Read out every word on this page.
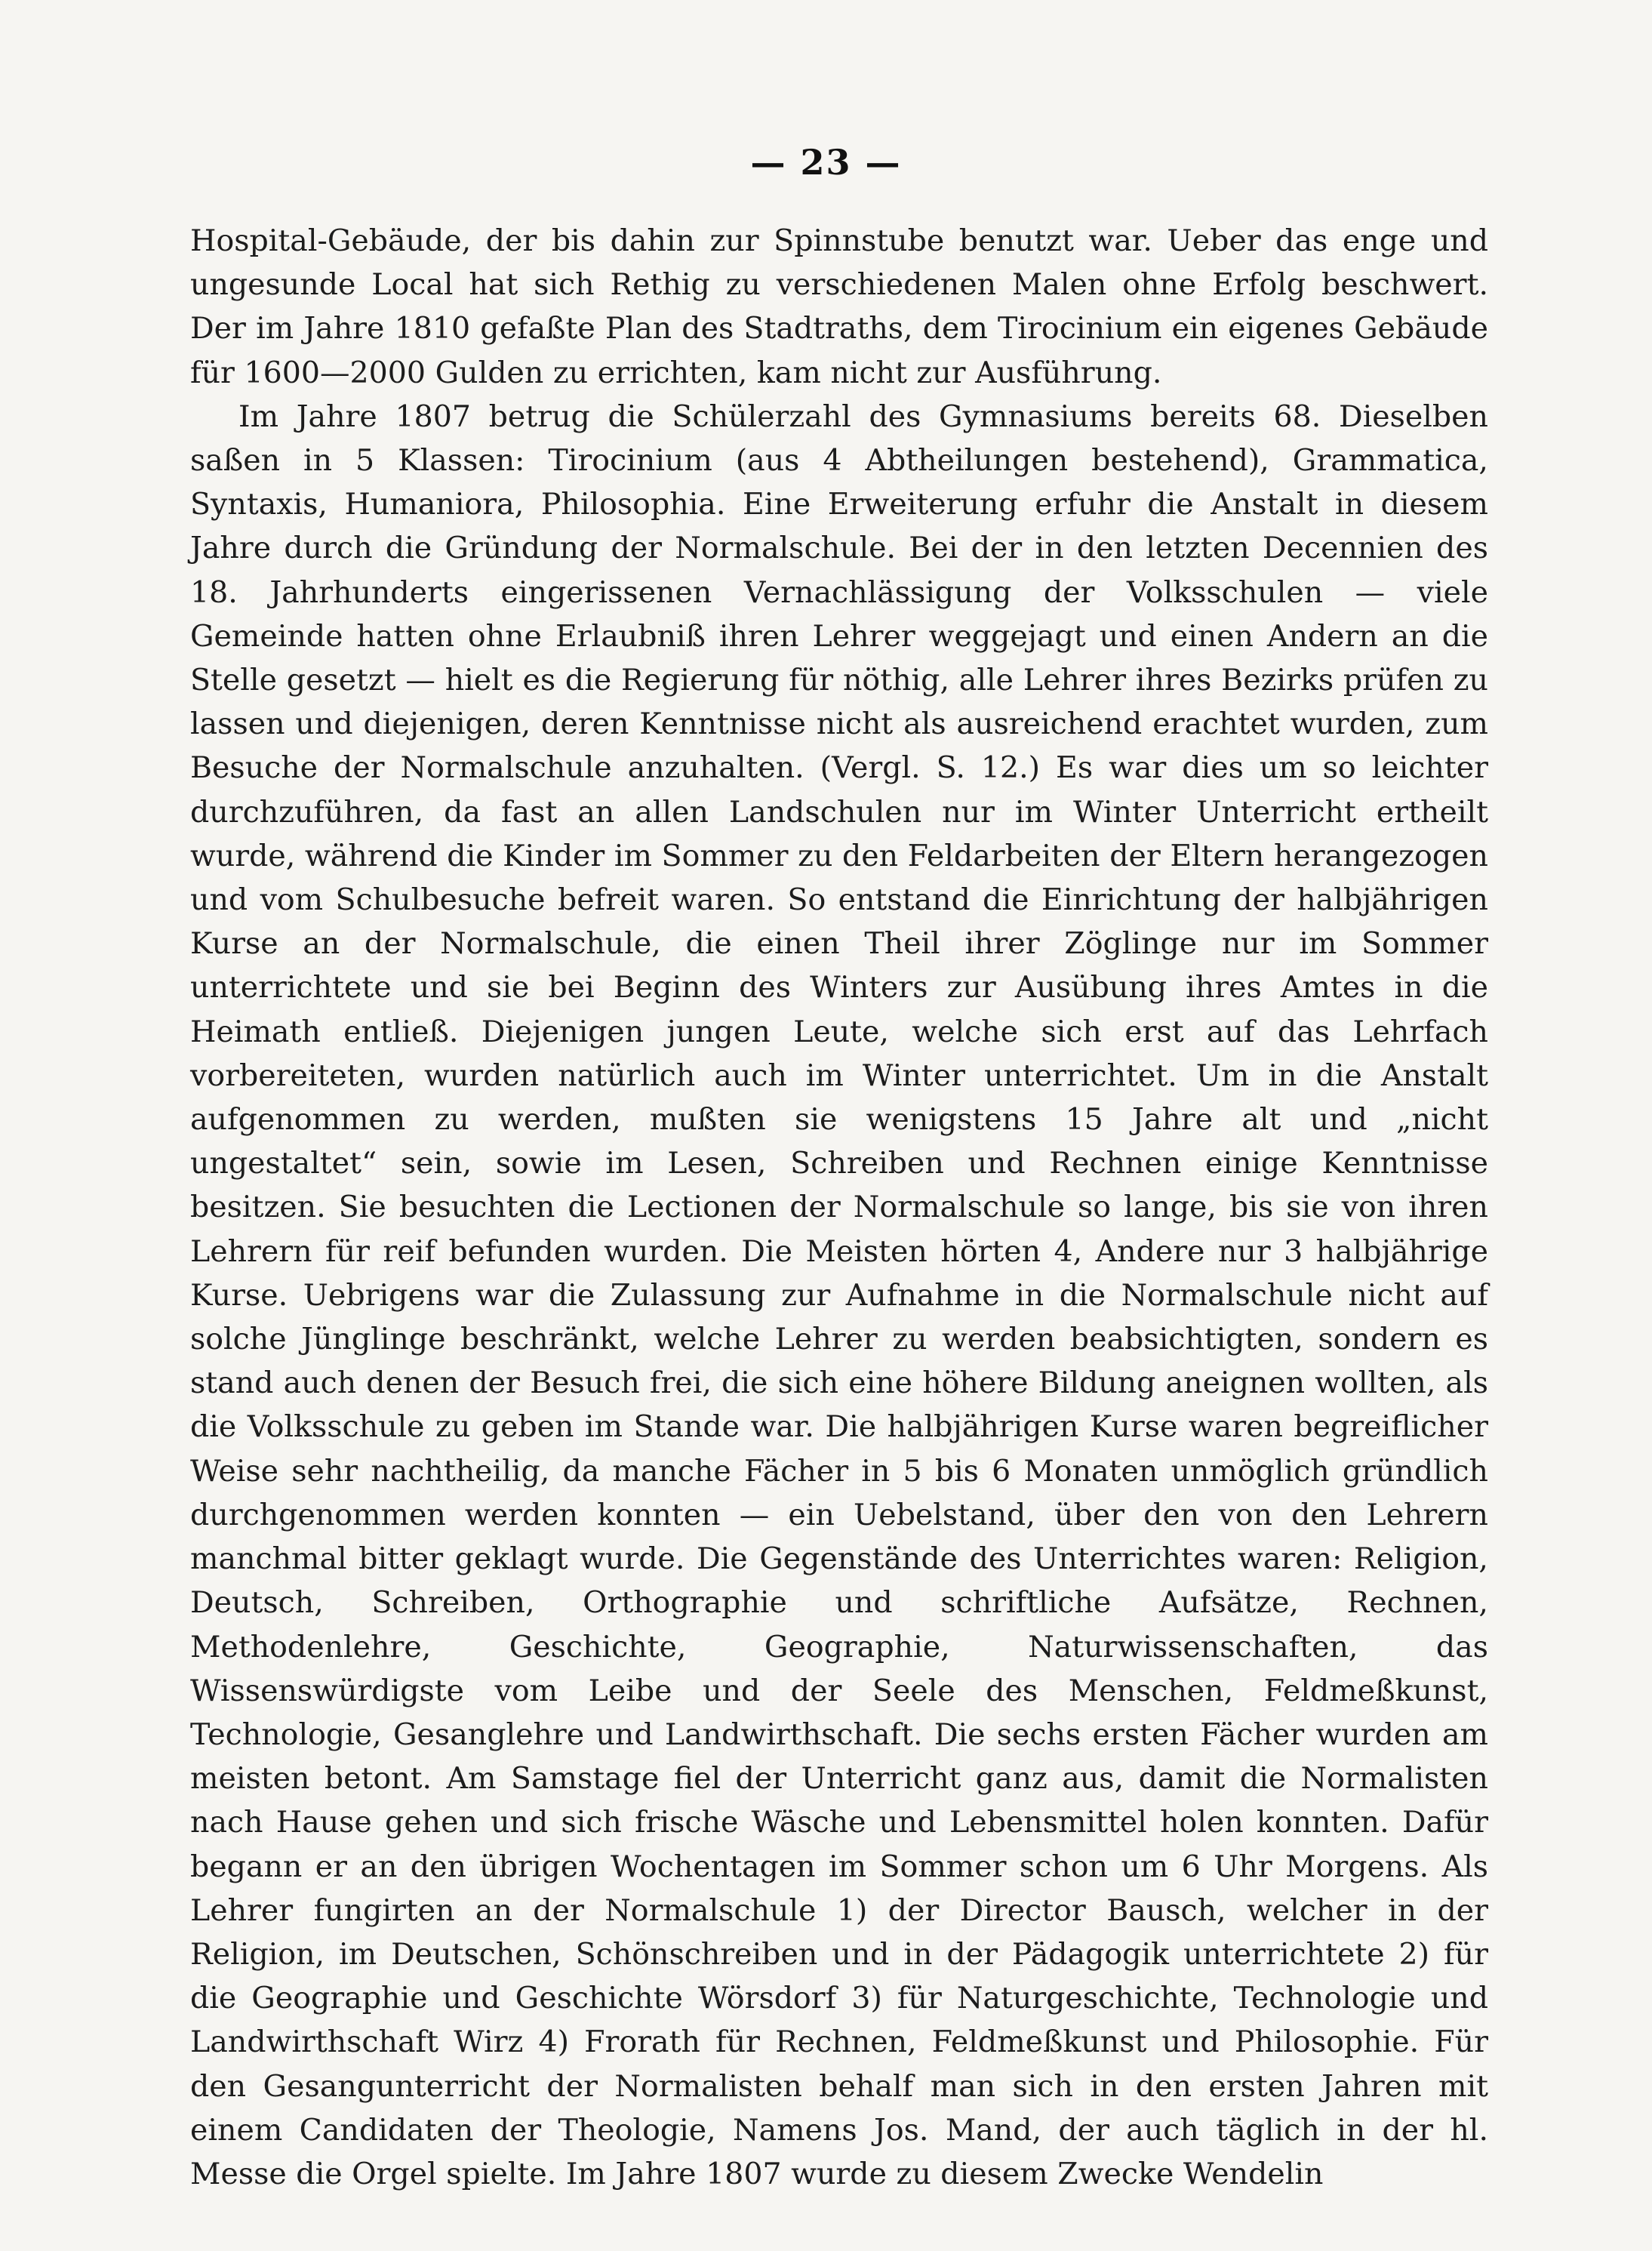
— 23 —

Hospital-Gebäude, der bis dahin zur Spinnstube benutzt war. Ueber das enge und ungesunde Local hat sich Rethig zu verschiedenen Malen ohne Erfolg beschwert. Der im Jahre 1810 gefaßte Plan des Stadtraths, dem Tirocinium ein eigenes Gebäude für 1600—2000 Gulden zu errichten, kam nicht zur Ausführung.

Im Jahre 1807 betrug die Schülerzahl des Gymnasiums bereits 68. Dieselben saßen in 5 Klassen: Tirocinium (aus 4 Abtheilungen bestehend), Grammatica, Syntaxis, Humaniora, Philosophia. Eine Erweiterung erfuhr die Anstalt in diesem Jahre durch die Gründung der Normalschule. Bei der in den letzten Decennien des 18. Jahrhunderts eingerissenen Vernachlässigung der Volksschulen — viele Gemeinde hatten ohne Erlaubniß ihren Lehrer weggejagt und einen Andern an die Stelle gesetzt — hielt es die Regierung für nöthig, alle Lehrer ihres Bezirks prüfen zu lassen und diejenigen, deren Kenntnisse nicht als ausreichend erachtet wurden, zum Besuche der Normalschule anzuhalten. (Vergl. S. 12.) Es war dies um so leichter durchzuführen, da fast an allen Landschulen nur im Winter Unterricht ertheilt wurde, während die Kinder im Sommer zu den Feldarbeiten der Eltern herangezogen und vom Schulbesuche befreit waren. So entstand die Einrichtung der halbjährigen Kurse an der Normalschule, die einen Theil ihrer Zöglinge nur im Sommer unterrichtete und sie bei Beginn des Winters zur Ausübung ihres Amtes in die Heimath entließ. Diejenigen jungen Leute, welche sich erst auf das Lehrfach vorbereiteten, wurden natürlich auch im Winter unterrichtet. Um in die Anstalt aufgenommen zu werden, mußten sie wenigstens 15 Jahre alt und „nicht ungestaltet“ sein, sowie im Lesen, Schreiben und Rechnen einige Kenntnisse besitzen. Sie besuchten die Lectionen der Normalschule so lange, bis sie von ihren Lehrern für reif befunden wurden. Die Meisten hörten 4, Andere nur 3 halbjährige Kurse. Uebrigens war die Zulassung zur Aufnahme in die Normalschule nicht auf solche Jünglinge beschränkt, welche Lehrer zu werden beabsichtigten, sondern es stand auch denen der Besuch frei, die sich eine höhere Bildung aneignen wollten, als die Volksschule zu geben im Stande war. Die halbjährigen Kurse waren begreiflicher Weise sehr nachtheilig, da manche Fächer in 5 bis 6 Monaten unmöglich gründlich durchgenommen werden konnten — ein Uebelstand, über den von den Lehrern manchmal bitter geklagt wurde. Die Gegenstände des Unterrichtes waren: Religion, Deutsch, Schreiben, Orthographie und schriftliche Aufsätze, Rechnen, Methodenlehre, Geschichte, Geographie, Naturwissenschaften, das Wissenswürdigste vom Leibe und der Seele des Menschen, Feldmeßkunst, Technologie, Gesanglehre und Landwirthschaft. Die sechs ersten Fächer wurden am meisten betont. Am Samstage fiel der Unterricht ganz aus, damit die Normalisten nach Hause gehen und sich frische Wäsche und Lebensmittel holen konnten. Dafür begann er an den übrigen Wochentagen im Sommer schon um 6 Uhr Morgens. Als Lehrer fungirten an der Normalschule 1) der Director Bausch, welcher in der Religion, im Deutschen, Schönschreiben und in der Pädagogik unterrichtete 2) für die Geographie und Geschichte Wörsdorf 3) für Naturgeschichte, Technologie und Landwirthschaft Wirz 4) Frorath für Rechnen, Feldmeßkunst und Philosophie. Für den Gesangunterricht der Normalisten behalf man sich in den ersten Jahren mit einem Candidaten der Theologie, Namens Jos. Mand, der auch täglich in der hl. Messe die Orgel spielte. Im Jahre 1807 wurde zu diesem Zwecke Wendelin
